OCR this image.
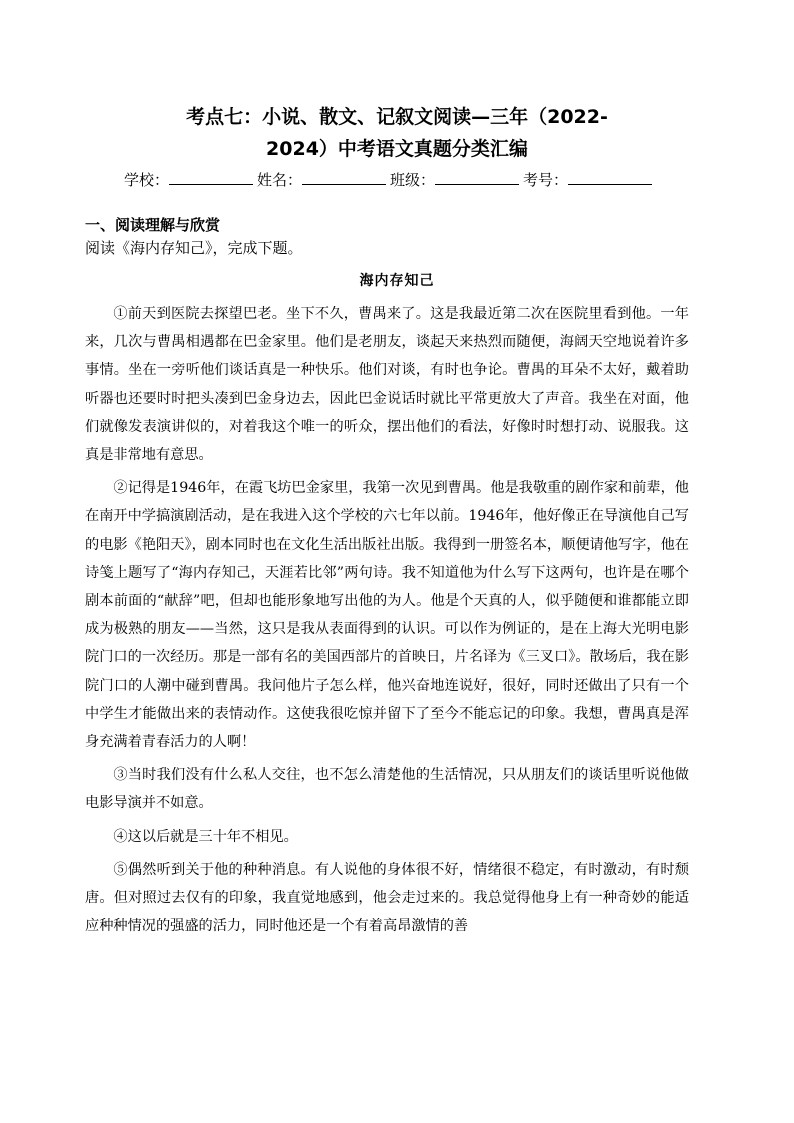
考点七：小说、散文、记叙文阅读—三年（2022-
2024）中考语文真题分类汇编
学校：	姓名：	班级：	考号：
一、阅读理解与欣赏
阅读《海内存知己》，完成下题。
海内存知己

①前天到医院去探望巴老。坐下不久，曹禺来了。这是我最近第二次在医院里看到他。一年来，几次与曹禺相遇都在巴金家里。他们是老朋友，谈起天来热烈而随便，海阔天空地说着许多事情。坐在一旁听他们谈话真是一种快乐。他们对谈，有时也争论。曹禺的耳朵不太好，戴着助听器也还要时时把头凑到巴金身边去，因此巴金说话时就比平常更放大了声音。我坐在对面，他们就像发表演讲似的，对着我这个唯一的听众，摆出他们的看法，好像时时想打动、说服我。这真是非常地有意思。

②记得是1946年，在霞飞坊巴金家里，我第一次见到曹禺。他是我敬重的剧作家和前辈，他在南开中学搞演剧活动，是在我进入这个学校的六七年以前。1946年，他好像正在导演他自己写的电影《艳阳天》，剧本同时也在文化生活出版社出版。我得到一册签名本，顺便请他写字，他在诗笺上题写了“海内存知己，天涯若比邻”两句诗。我不知道他为什么写下这两句，也许是在哪个剧本前面的“献辞”吧，但却也能形象地写出他的为人。他是个天真的人，似乎随便和谁都能立即成为极熟的朋友——当然，这只是我从表面得到的认识。可以作为例证的，是在上海大光明电影院门口的一次经历。那是一部有名的美国西部片的首映日，片名译为《三叉口》。散场后，我在影院门口的人潮中碰到曹禺。我问他片子怎么样，他兴奋地连说好，很好，同时还做出了只有一个中学生才能做出来的表情动作。这使我很吃惊并留下了至今不能忘记的印象。我想，曹禺真是浑身充满着青春活力的人啊！

③当时我们没有什么私人交往，也不怎么清楚他的生活情况，只从朋友们的谈话里听说他做电影导演并不如意。

④这以后就是三十年不相见。

⑤偶然听到关于他的种种消息。有人说他的身体很不好，情绪很不稳定，有时激动，有时颓唐。但对照过去仅有的印象，我直觉地感到，他会走过来的。我总觉得他身上有一种奇妙的能适应种种情况的强盛的活力，同时他还是一个有着高昂激情的善
